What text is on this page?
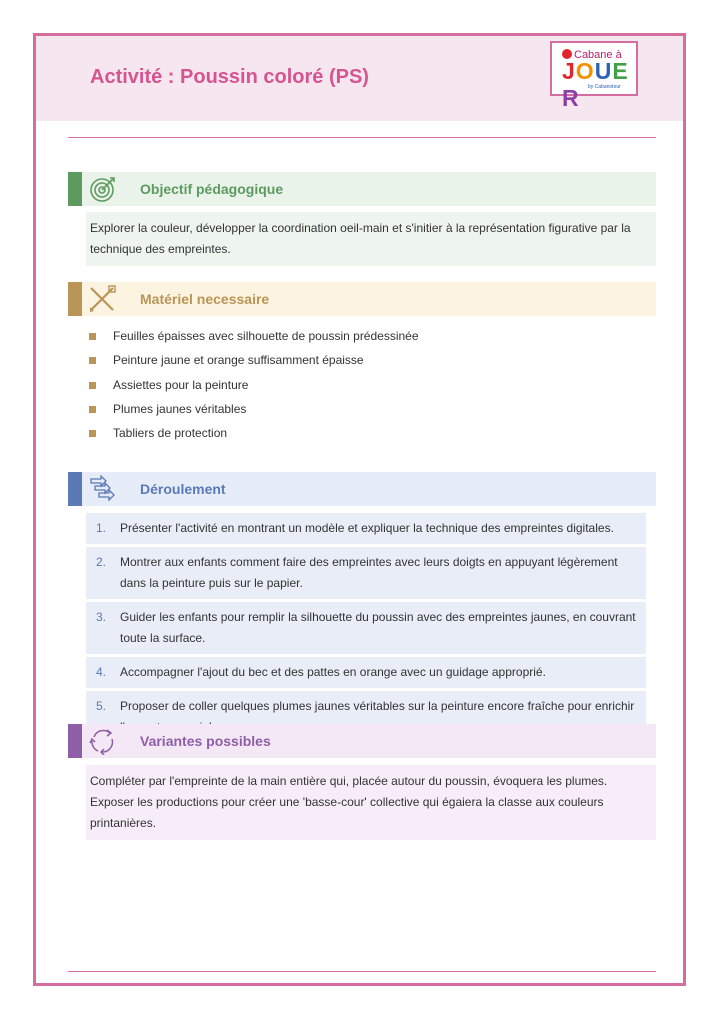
Activité : Poussin coloré (PS)
Cabane à
JOUER	by Cabanoteur
Objectif pédagogique
Explorer la couleur, développer la coordination oeil-main et s'initier à la représentation figurative par la technique des empreintes.
Matériel necessaire
Feuilles épaisses avec silhouette de poussin prédessinée
Peinture jaune et orange suffisamment épaisse
Assiettes pour la peinture
Plumes jaunes véritables
Tabliers de protection
Déroulement
1. Présenter l'activité en montrant un modèle et expliquer la technique des empreintes digitales.
2. Montrer aux enfants comment faire des empreintes avec leurs doigts en appuyant légèrement dans la peinture puis sur le papier.
3. Guider les enfants pour remplir la silhouette du poussin avec des empreintes jaunes, en couvrant toute la surface.
4. Accompagner l'ajout du bec et des pattes en orange avec un guidage approprié.
5. Proposer de coller quelques plumes jaunes véritables sur la peinture encore fraîche pour enrichir
Variantes possibles
Compléter par l'empreinte de la main entière qui, placée autour du poussin, évoquera les plumes. Exposer les productions pour créer une 'basse-cour' collective qui égaiera la classe aux couleurs printanières.
